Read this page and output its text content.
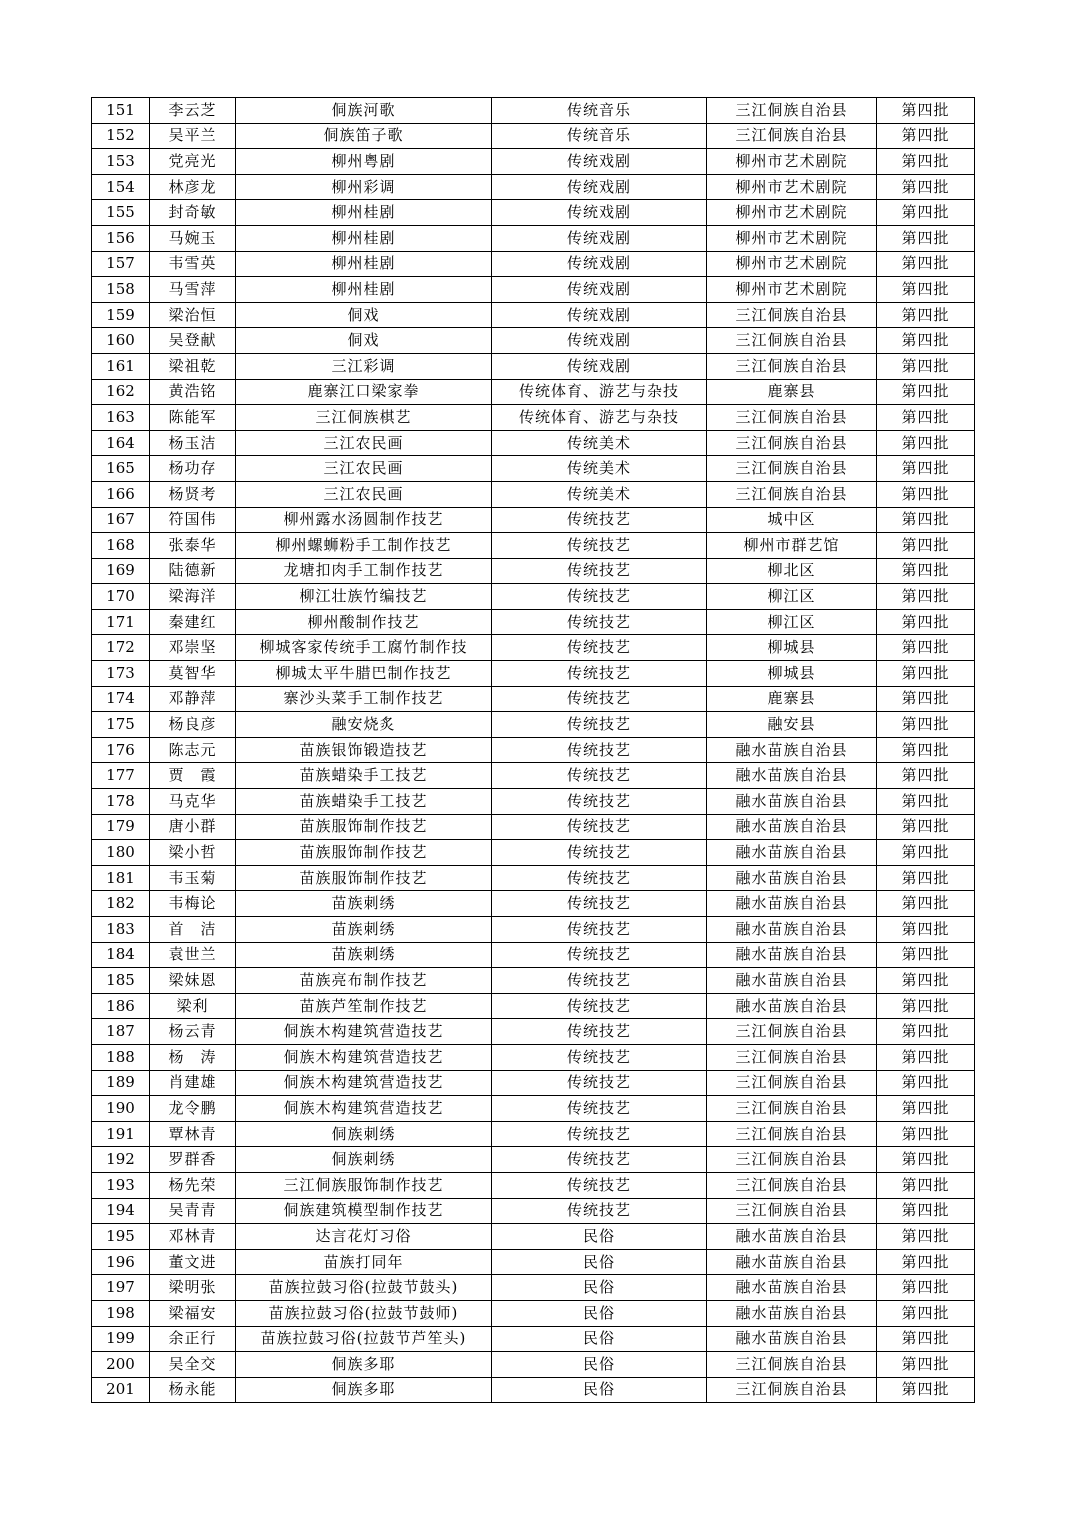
151	李云芝	侗族河歌	传统音乐	三江侗族自治县	第四批
152	吴平兰	侗族笛子歌	传统音乐	三江侗族自治县	第四批
153	党亮光	柳州粤剧	传统戏剧	柳州市艺术剧院	第四批
154	林彦龙	柳州彩调	传统戏剧	柳州市艺术剧院	第四批
155	封奇敏	柳州桂剧	传统戏剧	柳州市艺术剧院	第四批
156	马婉玉	柳州桂剧	传统戏剧	柳州市艺术剧院	第四批
157	韦雪英	柳州桂剧	传统戏剧	柳州市艺术剧院	第四批
158	马雪萍	柳州桂剧	传统戏剧	柳州市艺术剧院	第四批
159	梁治恒	侗戏	传统戏剧	三江侗族自治县	第四批
160	吴登献	侗戏	传统戏剧	三江侗族自治县	第四批
161	梁祖乾	三江彩调	传统戏剧	三江侗族自治县	第四批
162	黄浩铭	鹿寨江口梁家拳	传统体育、游艺与杂技	鹿寨县	第四批
163	陈能军	三江侗族棋艺	传统体育、游艺与杂技	三江侗族自治县	第四批
164	杨玉洁	三江农民画	传统美术	三江侗族自治县	第四批
165	杨功存	三江农民画	传统美术	三江侗族自治县	第四批
166	杨贤考	三江农民画	传统美术	三江侗族自治县	第四批
167	符国伟	柳州露水汤圆制作技艺	传统技艺	城中区	第四批
168	张泰华	柳州螺蛳粉手工制作技艺	传统技艺	柳州市群艺馆	第四批
169	陆德新	龙塘扣肉手工制作技艺	传统技艺	柳北区	第四批
170	梁海洋	柳江壮族竹编技艺	传统技艺	柳江区	第四批
171	秦建红	柳州酸制作技艺	传统技艺	柳江区	第四批
172	邓崇坚	柳城客家传统手工腐竹制作技	传统技艺	柳城县	第四批
173	莫智华	柳城太平牛腊巴制作技艺	传统技艺	柳城县	第四批
174	邓静萍	寨沙头菜手工制作技艺	传统技艺	鹿寨县	第四批
175	杨良彦	融安烧炙	传统技艺	融安县	第四批
176	陈志元	苗族银饰锻造技艺	传统技艺	融水苗族自治县	第四批
177	贾　霞	苗族蜡染手工技艺	传统技艺	融水苗族自治县	第四批
178	马克华	苗族蜡染手工技艺	传统技艺	融水苗族自治县	第四批
179	唐小群	苗族服饰制作技艺	传统技艺	融水苗族自治县	第四批
180	梁小哲	苗族服饰制作技艺	传统技艺	融水苗族自治县	第四批
181	韦玉菊	苗族服饰制作技艺	传统技艺	融水苗族自治县	第四批
182	韦梅论	苗族刺绣	传统技艺	融水苗族自治县	第四批
183	首　洁	苗族刺绣	传统技艺	融水苗族自治县	第四批
184	袁世兰	苗族刺绣	传统技艺	融水苗族自治县	第四批
185	梁妹恩	苗族亮布制作技艺	传统技艺	融水苗族自治县	第四批
186	梁利	苗族芦笙制作技艺	传统技艺	融水苗族自治县	第四批
187	杨云青	侗族木构建筑营造技艺	传统技艺	三江侗族自治县	第四批
188	杨　涛	侗族木构建筑营造技艺	传统技艺	三江侗族自治县	第四批
189	肖建雄	侗族木构建筑营造技艺	传统技艺	三江侗族自治县	第四批
190	龙令鹏	侗族木构建筑营造技艺	传统技艺	三江侗族自治县	第四批
191	覃林青	侗族刺绣	传统技艺	三江侗族自治县	第四批
192	罗群香	侗族刺绣	传统技艺	三江侗族自治县	第四批
193	杨先荣	三江侗族服饰制作技艺	传统技艺	三江侗族自治县	第四批
194	吴青青	侗族建筑模型制作技艺	传统技艺	三江侗族自治县	第四批
195	邓林青	达言花灯习俗	民俗	融水苗族自治县	第四批
196	董文进	苗族打同年	民俗	融水苗族自治县	第四批
197	梁明张	苗族拉鼓习俗(拉鼓节鼓头)	民俗	融水苗族自治县	第四批
198	梁福安	苗族拉鼓习俗(拉鼓节鼓师)	民俗	融水苗族自治县	第四批
199	余正行	苗族拉鼓习俗(拉鼓节芦笙头)	民俗	融水苗族自治县	第四批
200	吴全交	侗族多耶	民俗	三江侗族自治县	第四批
201	杨永能	侗族多耶	民俗	三江侗族自治县	第四批
